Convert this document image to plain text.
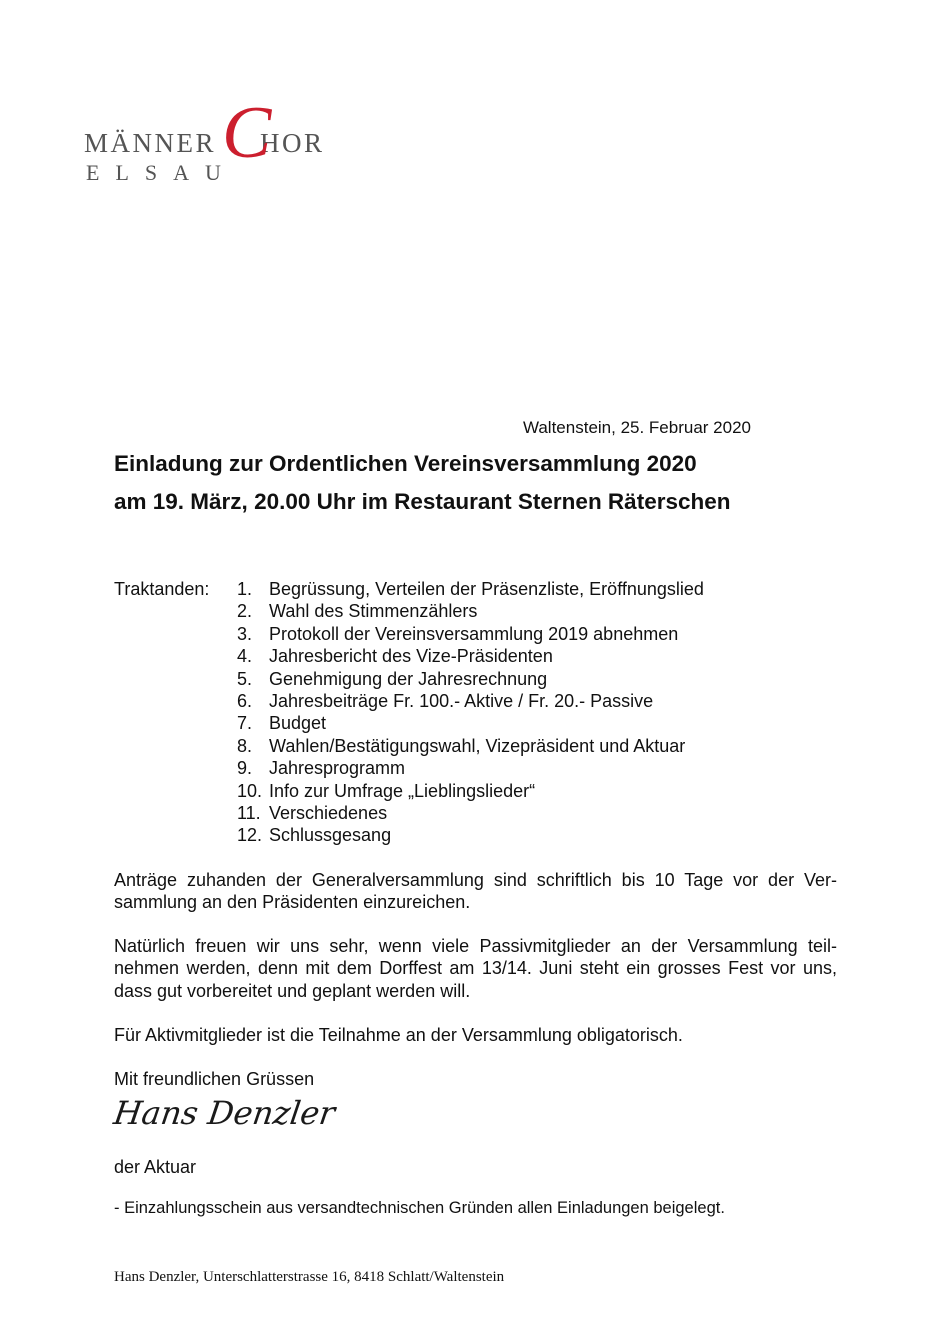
MÄNNER HOR
C
ELSAU
Waltenstein, 25. Februar 2020
Einladung zur Ordentlichen Vereinsversammlung 2020
am 19. März, 20.00 Uhr im Restaurant Sternen Räterschen
Traktanden: 1. Begrüssung, Verteilen der Präsenzliste, Eröffnungslied
2. Wahl des Stimmenzählers
3. Protokoll der Vereinsversammlung 2019 abnehmen
4. Jahresbericht des Vize-Präsidenten
5. Genehmigung der Jahresrechnung
6. Jahresbeiträge Fr. 100.- Aktive / Fr. 20.- Passive
7. Budget
8. Wahlen/Bestätigungswahl, Vizepräsident und Aktuar
9. Jahresprogramm
10. Info zur Umfrage „Lieblingslieder“
11. Verschiedenes
12. Schlussgesang

Anträge zuhanden der Generalversammlung sind schriftlich bis 10 Tage vor der Versammlung an den Präsidenten einzureichen.

Natürlich freuen wir uns sehr, wenn viele Passivmitglieder an der Versammlung teilnehmen werden, denn mit dem Dorffest am 13/14. Juni steht ein grosses Fest vor uns, dass gut vorbereitet und geplant werden will.

Für Aktivmitglieder ist die Teilnahme an der Versammlung obligatorisch.

Mit freundlichen Grüssen
Hans Denzler
der Aktuar
- Einzahlungsschein aus versandtechnischen Gründen allen Einladungen beigelegt.
Hans Denzler, Unterschlatterstrasse 16, 8418 Schlatt/Waltenstein
